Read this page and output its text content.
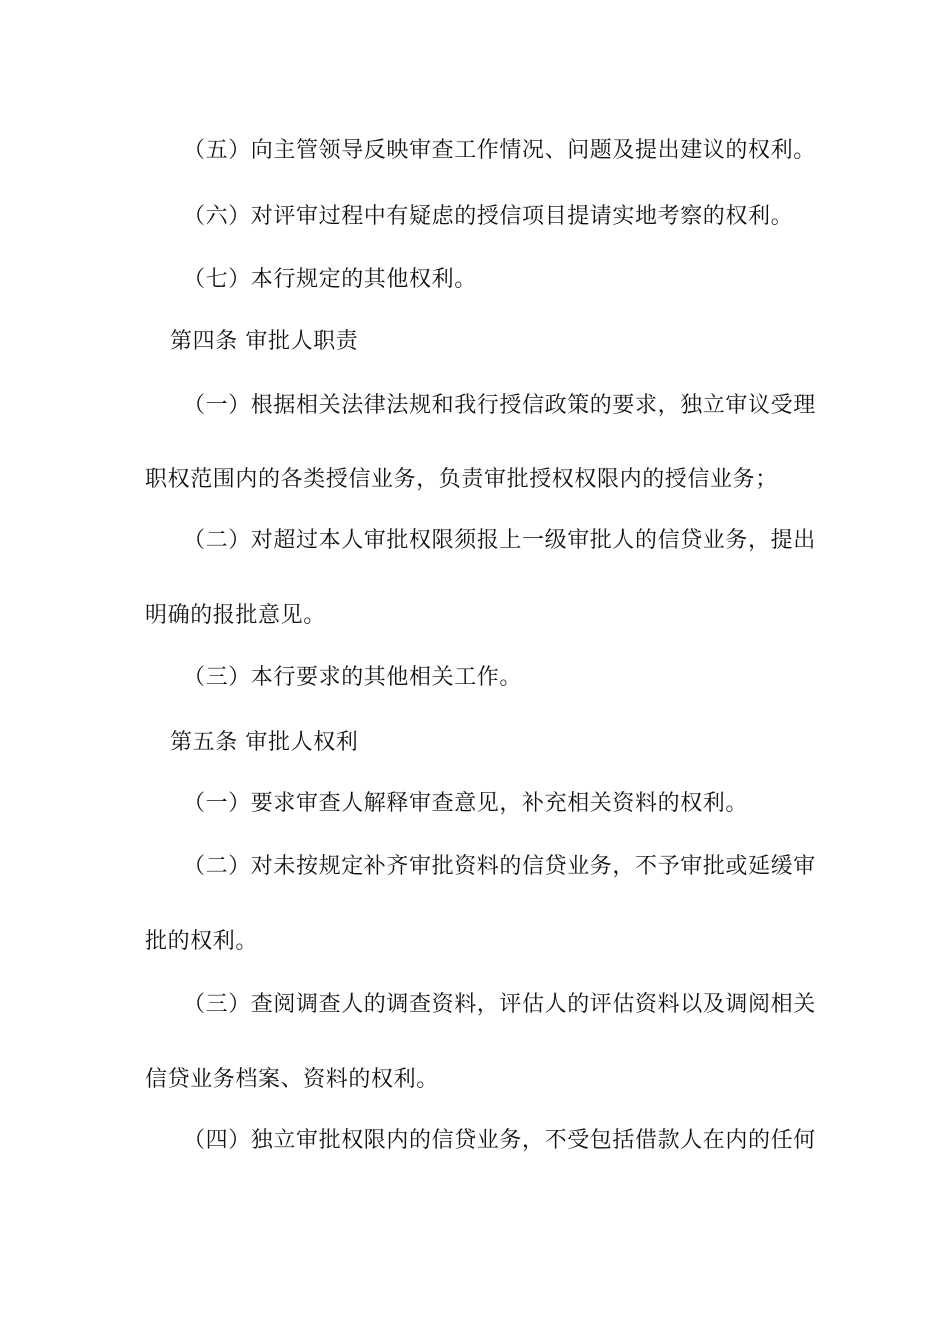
（五）向主管领导反映审查工作情况、问题及提出建议的权利。
（六）对评审过程中有疑虑的授信项目提请实地考察的权利。
（七）本行规定的其他权利。
第四条 审批人职责
（一）根据相关法律法规和我行授信政策的要求，独立审议受理
职权范围内的各类授信业务，负责审批授权权限内的授信业务；
（二）对超过本人审批权限须报上一级审批人的信贷业务，提出
明确的报批意见。
（三）本行要求的其他相关工作。
第五条 审批人权利
（一）要求审查人解释审查意见，补充相关资料的权利。
（二）对未按规定补齐审批资料的信贷业务，不予审批或延缓审
批的权利。
（三）查阅调查人的调查资料，评估人的评估资料以及调阅相关
信贷业务档案、资料的权利。
（四）独立审批权限内的信贷业务，不受包括借款人在内的任何
